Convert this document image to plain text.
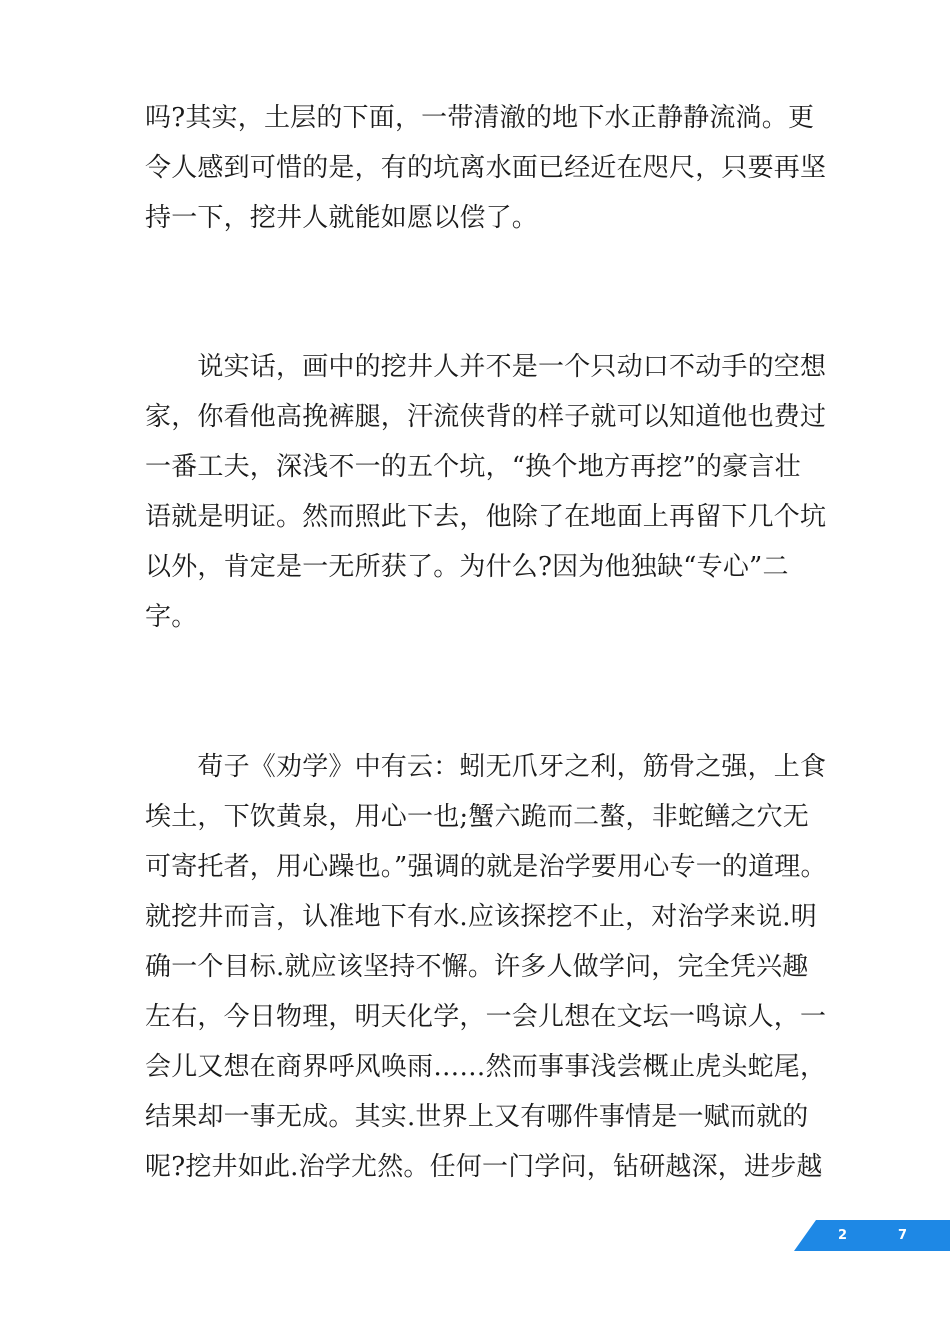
吗?其实，土层的下面，一带清澈的地下水正静静流淌。更
令人感到可惜的是，有的坑离水面已经近在咫尺，只要再坚
持一下，挖井人就能如愿以偿了。
　　说实话，画中的挖井人并不是一个只动口不动手的空想
家，你看他高挽裤腿，汗流侠背的样子就可以知道他也费过
一番工夫，深浅不一的五个坑，“换个地方再挖”的豪言壮
语就是明证。然而照此下去，他除了在地面上再留下几个坑
以外，肯定是一无所获了。为什么?因为他独缺“专心”二
字。
　　荀子《劝学》中有云：蚓无爪牙之利，筋骨之强，上食
埃土，下饮黄泉，用心一也;蟹六跪而二螯，非蛇鳝之穴无
可寄托者，用心躁也。”强调的就是治学要用心专一的道理。
就挖井而言，认准地下有水.应该探挖不止，对治学来说.明
确一个目标.就应该坚持不懈。许多人做学问，完全凭兴趣
左右，今日物理，明天化学，一会儿想在文坛一鸣谅人，一
会儿又想在商界呼风唤雨……然而事事浅尝概止虎头蛇尾，
结果却一事无成。其实.世界上又有哪件事情是一赋而就的
呢?挖井如此.治学尤然。任何一门学问，钻研越深，进步越
2	7
